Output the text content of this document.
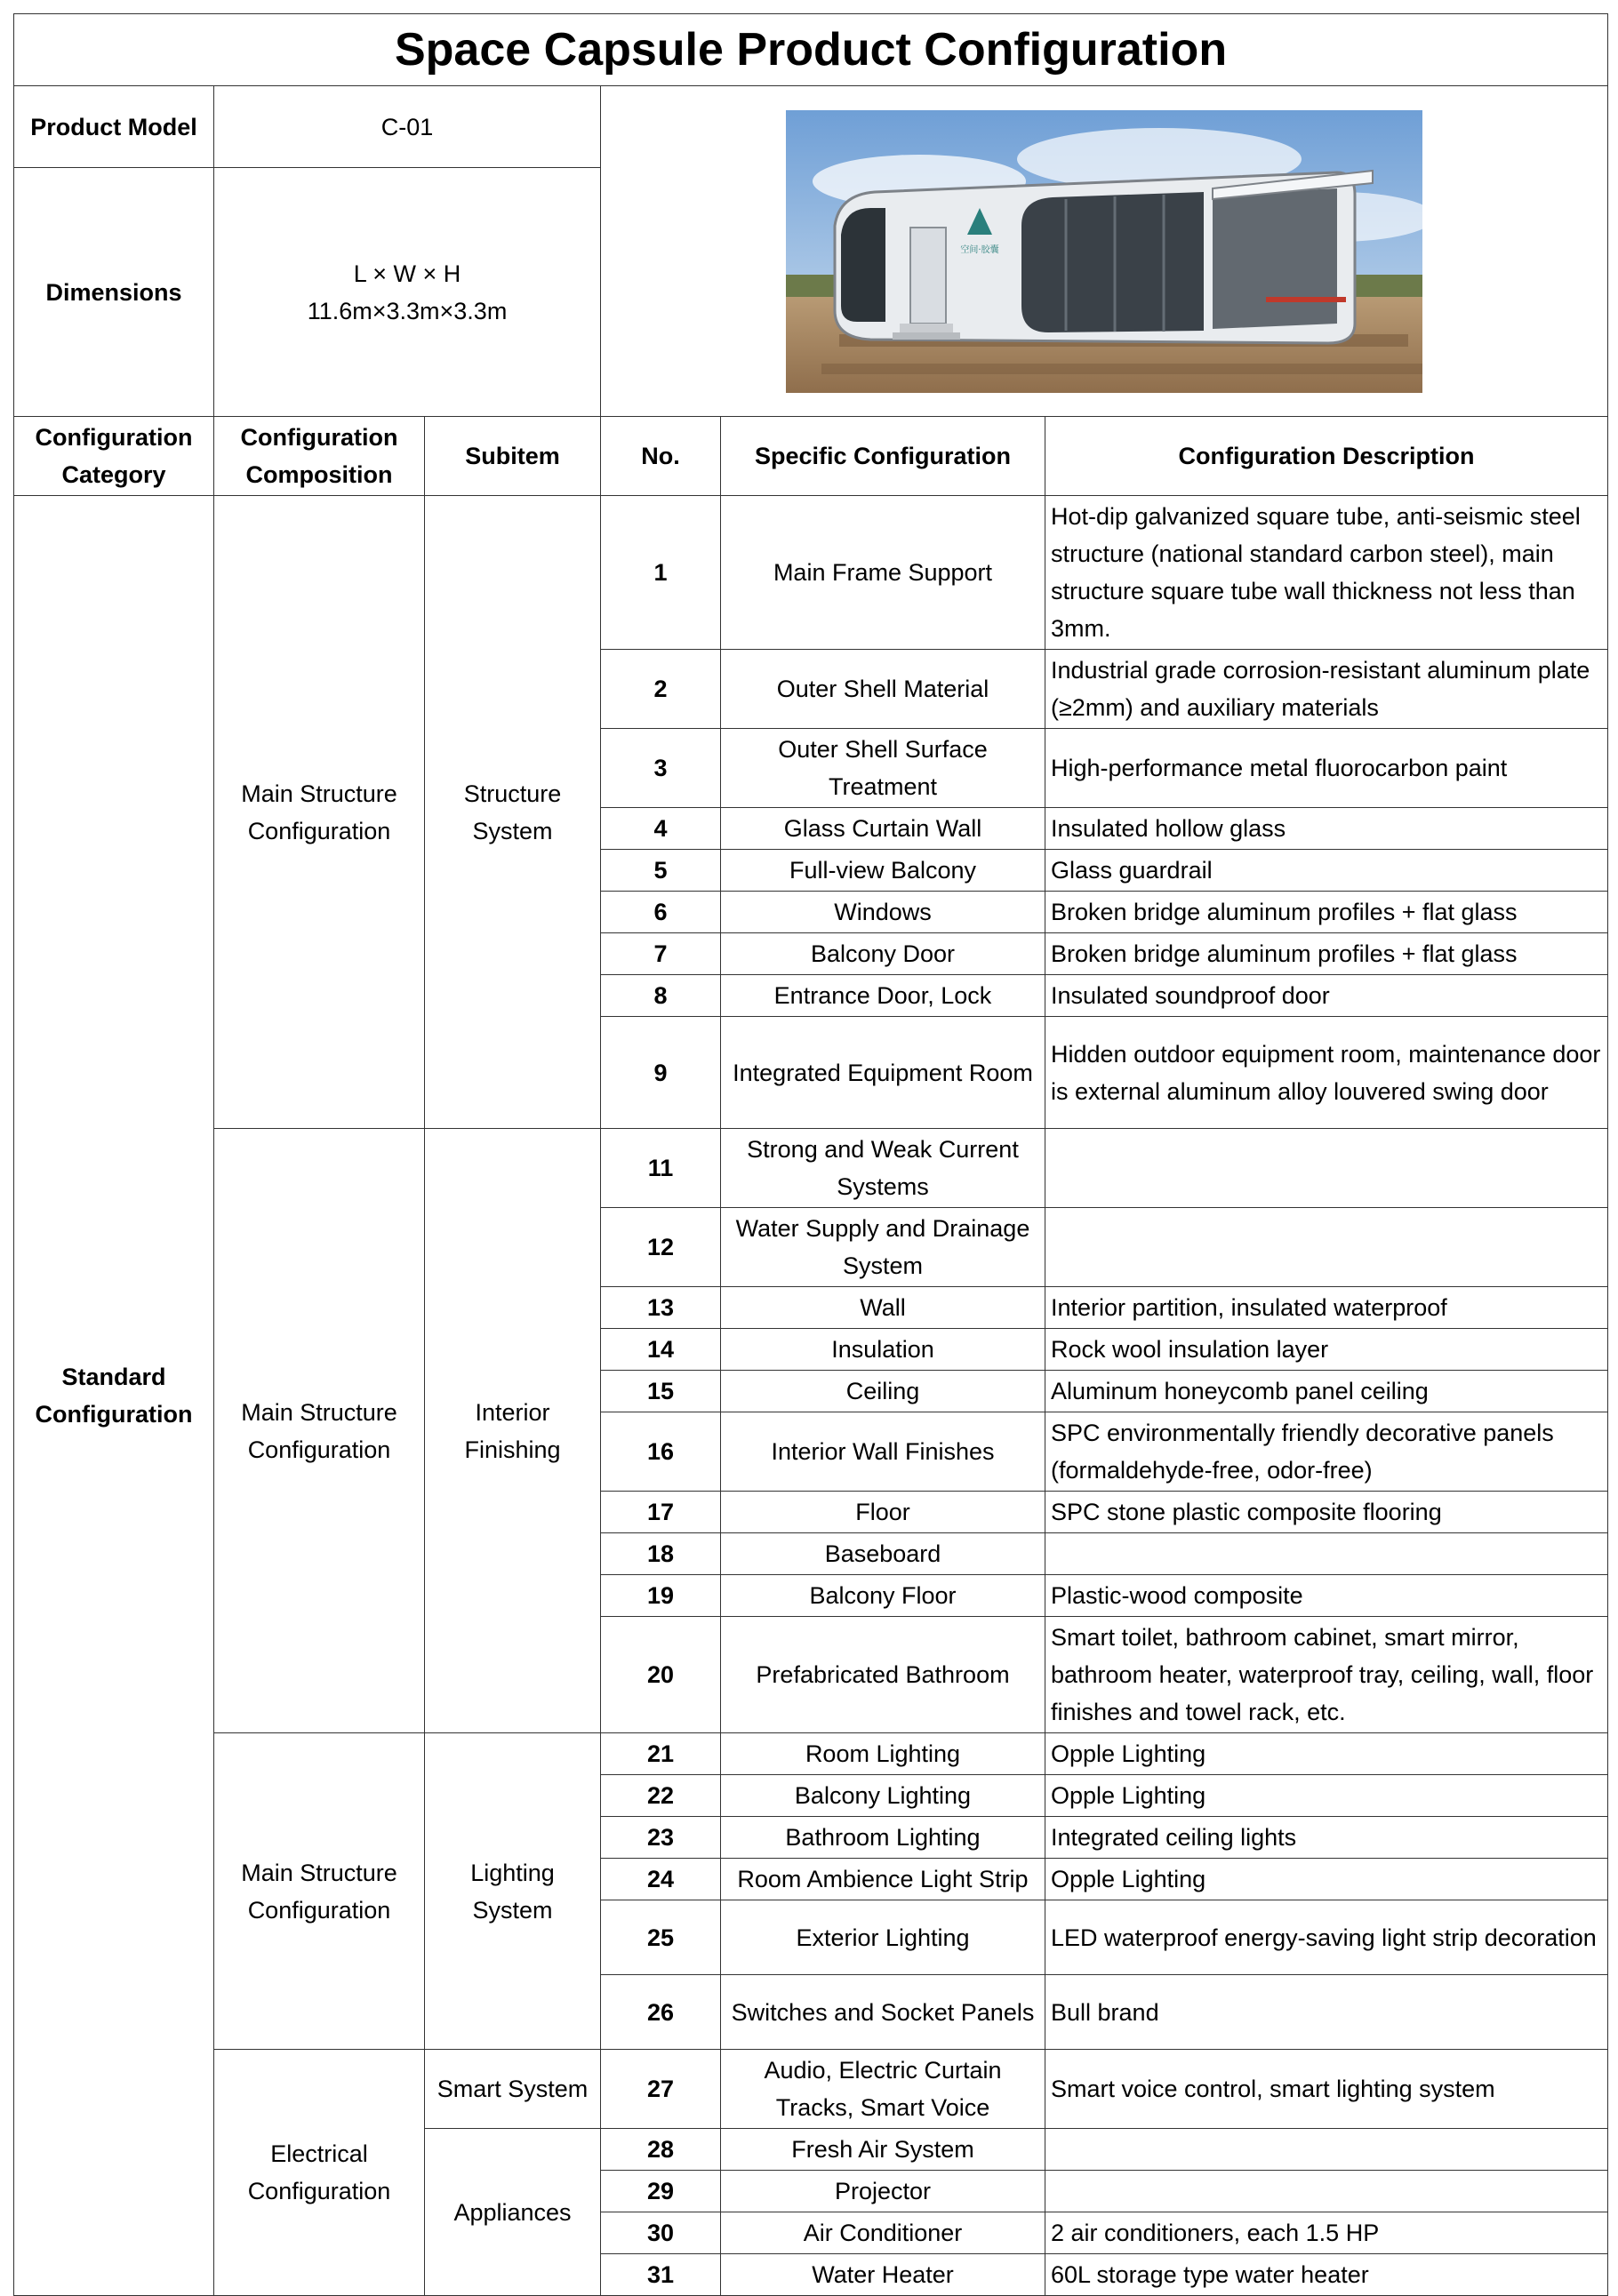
Space Capsule Product Configuration					
Product Model	C-01		空间·胶囊		

Dimensions	L × W × H
11.6m×3.3m×3.3m				

Configuration Category	Configuration Composition	Subitem	No.	Specific Configuration	Configuration Description
Standard Configuration	Main Structure Configuration	Structure System	1	Main Frame Support	Hot-dip galvanized square tube, anti-seismic steel structure (national standard carbon steel), main structure square tube wall thickness not less than 3mm.
			2	Outer Shell Material	Industrial grade corrosion-resistant aluminum plate (≥2mm) and auxiliary materials
			3	Outer Shell Surface Treatment	High-performance metal fluorocarbon paint
			4	Glass Curtain Wall	Insulated hollow glass
			5	Full-view Balcony	Glass guardrail
			6	Windows	Broken bridge aluminum profiles + flat glass
			7	Balcony Door	Broken bridge aluminum profiles + flat glass
			8	Entrance Door, Lock	Insulated soundproof door
			9	Integrated Equipment Room	Hidden outdoor equipment room, maintenance door is external aluminum alloy louvered swing door
	Main Structure Configuration	Interior Finishing	11	Strong and Weak Current Systems	
			12	Water Supply and Drainage System	
			13	Wall	Interior partition, insulated waterproof
			14	Insulation	Rock wool insulation layer
			15	Ceiling	Aluminum honeycomb panel ceiling
			16	Interior Wall Finishes	SPC environmentally friendly decorative panels (formaldehyde-free, odor-free)
			17	Floor	SPC stone plastic composite flooring
			18	Baseboard	
			19	Balcony Floor	Plastic-wood composite
			20	Prefabricated Bathroom	Smart toilet, bathroom cabinet, smart mirror, bathroom heater, waterproof tray, ceiling, wall, floor finishes and towel rack, etc.
	Main Structure Configuration	Lighting System	21	Room Lighting	Opple Lighting
			22	Balcony Lighting	Opple Lighting
			23	Bathroom Lighting	Integrated ceiling lights
			24	Room Ambience Light Strip	Opple Lighting
			25	Exterior Lighting	LED waterproof energy-saving light strip decoration
			26	Switches and Socket Panels	Bull brand
	Electrical Configuration	Smart System	27	Audio, Electric Curtain Tracks, Smart Voice	Smart voice control, smart lighting system
		Appliances	28	Fresh Air System	
			29	Projector	
			30	Air Conditioner	2 air conditioners, each 1.5 HP
			31	Water Heater	60L storage type water heater
